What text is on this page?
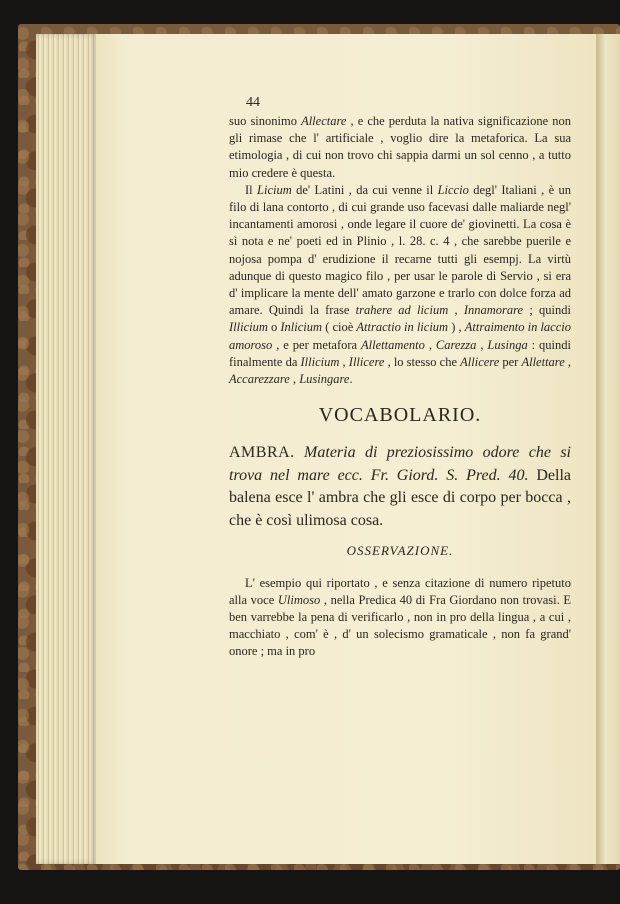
44

suo sinonimo Allectare , e che perduta la nativa significazione non gli rimase che l' artificiale , voglio dire la metaforica. La sua etimologia , di cui non trovo chi sappia darmi un sol cenno , a tutto mio credere è questa.

Il Licium de' Latini , da cui venne il Liccio degl' Italiani , è un filo di lana contorto , di cui grande uso facevasi dalle maliarde negl' incantamenti amorosi , onde legare il cuore de' giovinetti. La cosa è sì nota e ne' poeti ed in Plinio , l. 28. c. 4 , che sarebbe puerile e nojosa pompa d' erudizione il recarne tutti gli esempj. La virtù adunque di questo magico filo , per usar le parole di Servio , si era d' implicare la mente dell' amato garzone e trarlo con dolce forza ad amare. Quindi la frase trahere ad licium , Innamorare ; quindi Illicium o Inlicium ( cioè Attractio in licium ) , Attraimento in laccio amoroso , e per metafora Allettamento , Carezza , Lusinga : quindi finalmente da Illicium , Illicere , lo stesso che Allicere per Allettare , Accarezzare , Lusingare.

VOCABOLARIO.

AMBRA. Materia di preziosissimo odore che si trova nel mare ecc. Fr. Giord. S. Pred. 40. Della balena esce l' ambra che gli esce di corpo per bocca , che è così ulimosa cosa.

OSSERVAZIONE.

L' esempio qui riportato , e senza citazione di numero ripetuto alla voce Ulimoso , nella Predica 40 di Fra Giordano non trovasi. E ben varrebbe la pena di verificarlo , non in pro della lingua , a cui , macchiato , com' è , d' un solecismo gramaticale , non fa grand' onore ; ma in pro
